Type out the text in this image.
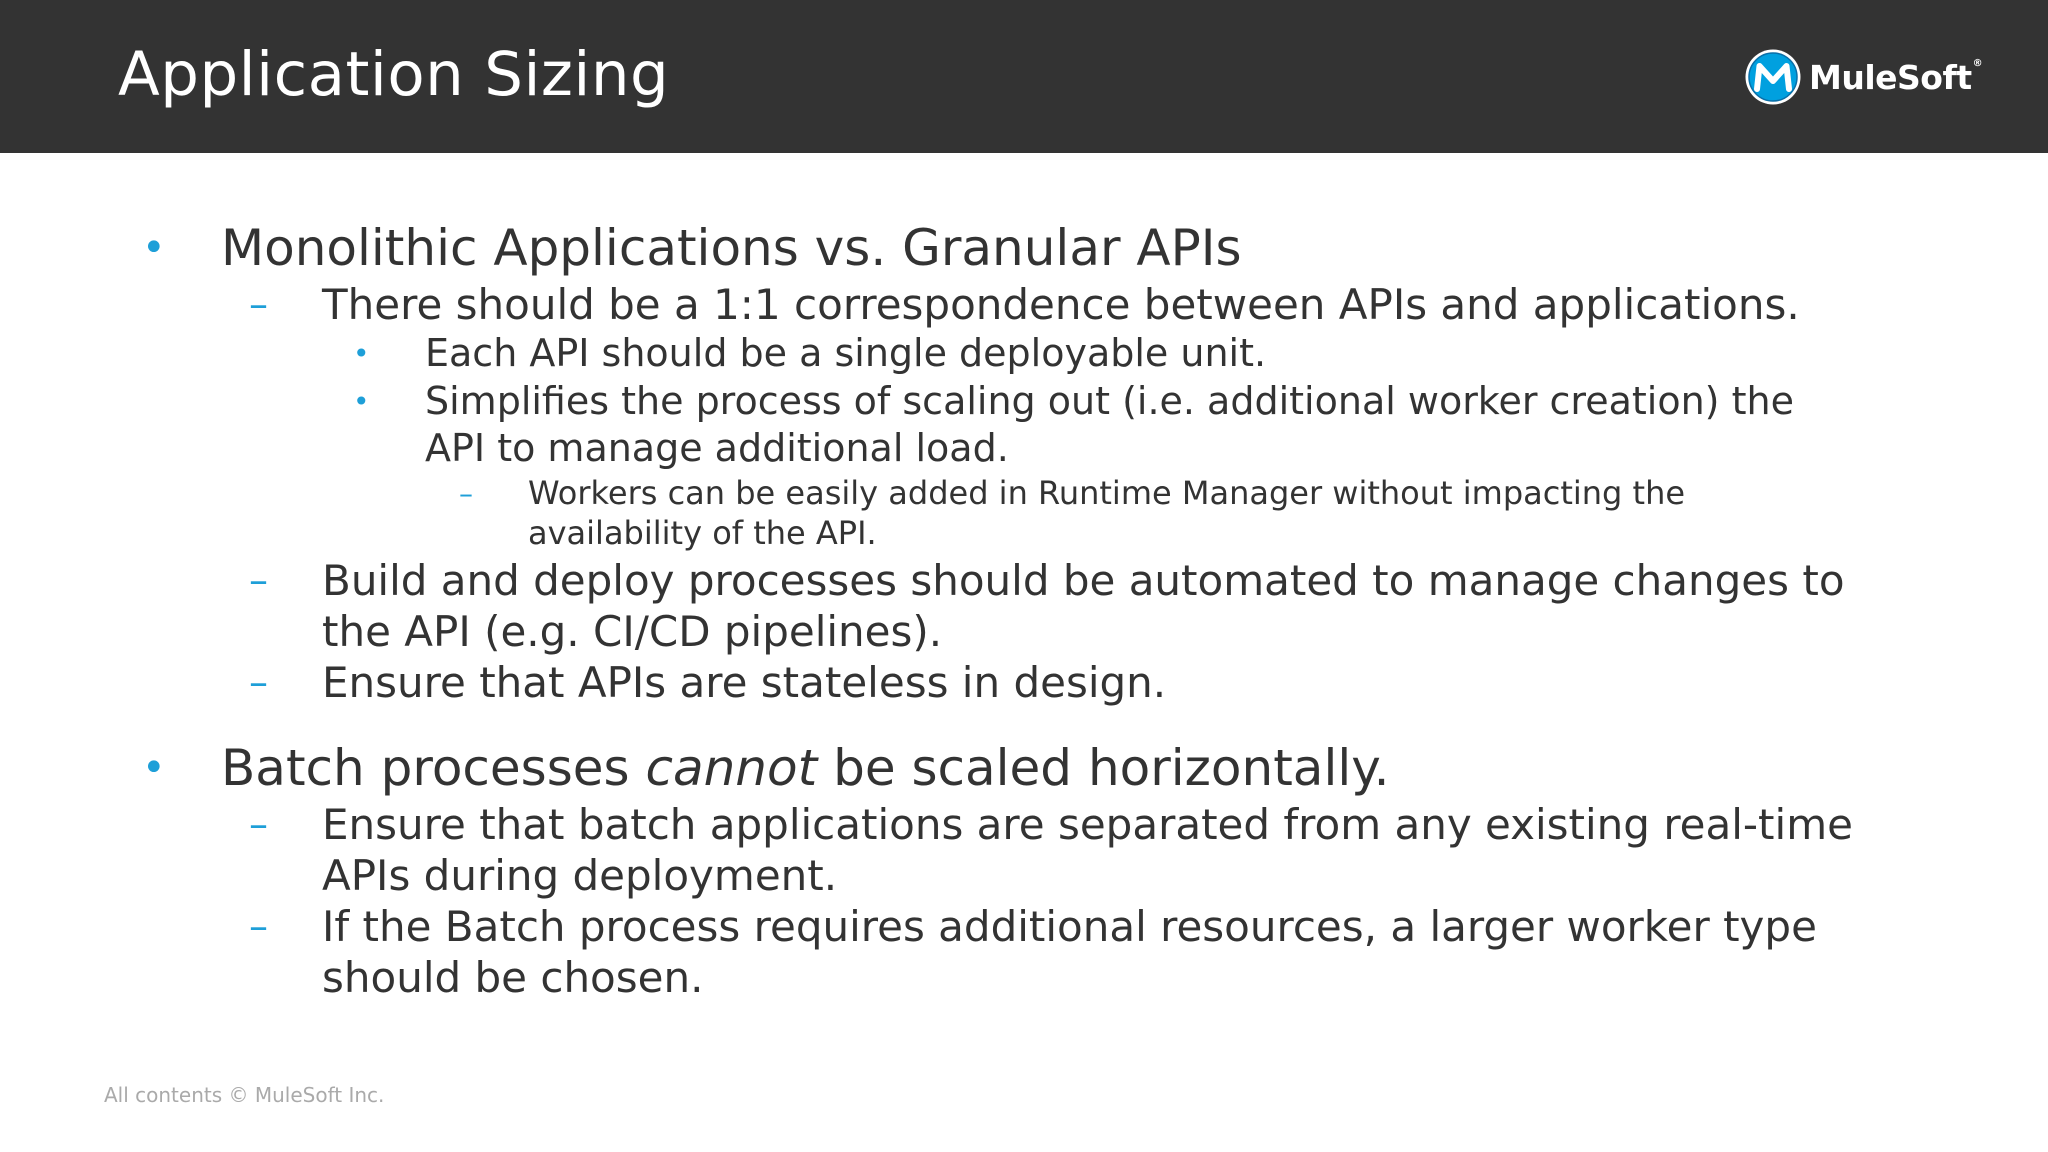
Application Sizing	MuleSoft®
• Monolithic Applications vs. Granular APIs
– There should be a 1:1 correspondence between APIs and applications.
• Each API should be a single deployable unit.
• Simplifies the process of scaling out (i.e. additional worker creation) the
API to manage additional load.
– Workers can be easily added in Runtime Manager without impacting the
availability of the API.
– Build and deploy processes should be automated to manage changes to
the API (e.g. CI/CD pipelines).
– Ensure that APIs are stateless in design.
• Batch processes cannot be scaled horizontally.
– Ensure that batch applications are separated from any existing real-time
APIs during deployment.
– If the Batch process requires additional resources, a larger worker type
should be chosen.
All contents © MuleSoft Inc.
